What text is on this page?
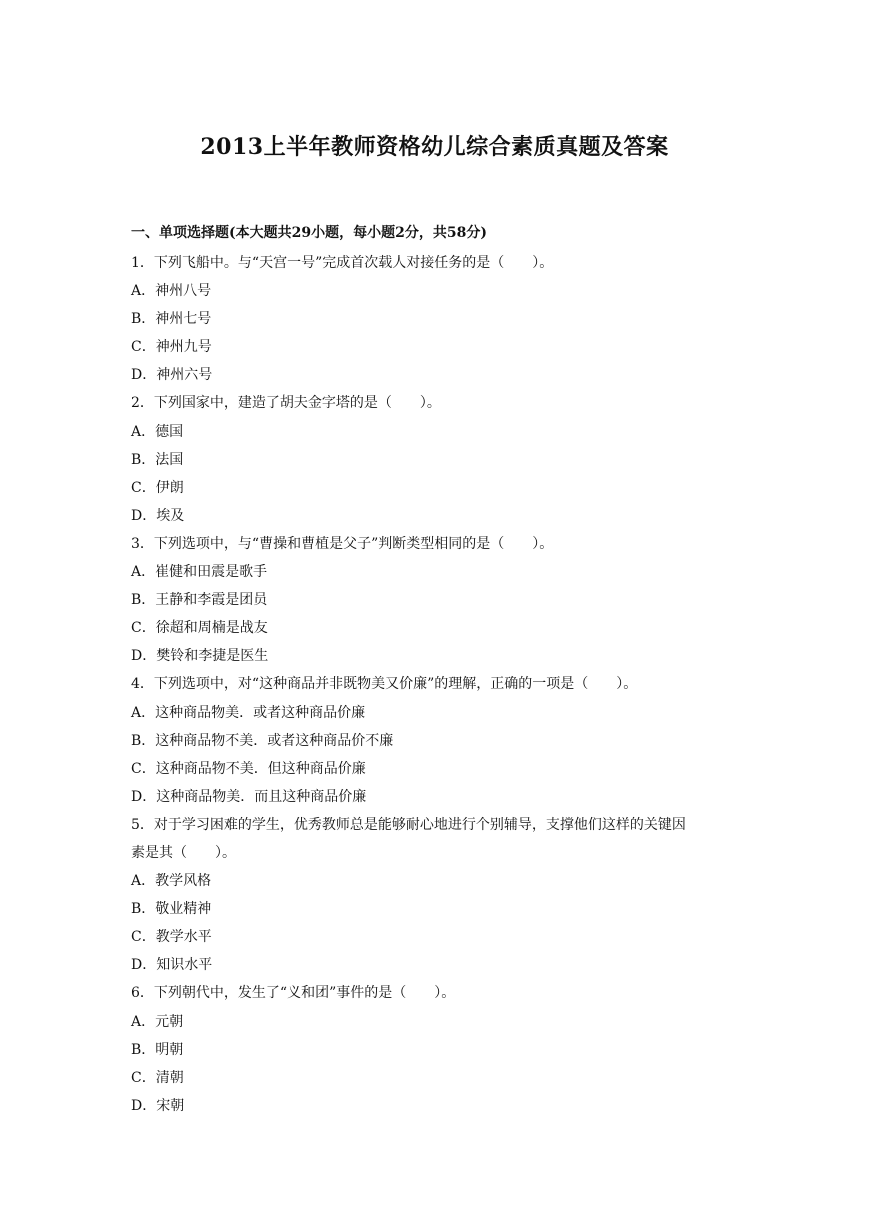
2013上半年教师资格幼儿综合素质真题及答案
一、单项选择题(本大题共29小题，每小题2分，共58分)
1．下列飞船中。与“天宫一号”完成首次载人对接任务的是（　　）。
A．神州八号
B．神州七号
C．神州九号
D．神州六号
2．下列国家中，建造了胡夫金字塔的是（　　）。
A．德国
B．法国
C．伊朗
D．埃及
3．下列选项中，与“曹操和曹植是父子”判断类型相同的是（　　）。
A．崔健和田震是歌手
B．王静和李霞是团员
C．徐超和周楠是战友
D．樊铃和李捷是医生
4．下列选项中，对“这种商品并非既物美又价廉”的理解，正确的一项是（　　）。
A．这种商品物美．或者这种商品价廉
B．这种商品物不美．或者这种商品价不廉
C．这种商品物不美．但这种商品价廉
D．这种商品物美．而且这种商品价廉
5．对于学习困难的学生，优秀教师总是能够耐心地进行个别辅导，支撑他们这样的关键因
素是其（　　）。
A．教学风格
B．敬业精神
C．教学水平
D．知识水平
6．下列朝代中，发生了“义和团”事件的是（　　）。
A．元朝
B．明朝
C．清朝
D．宋朝
